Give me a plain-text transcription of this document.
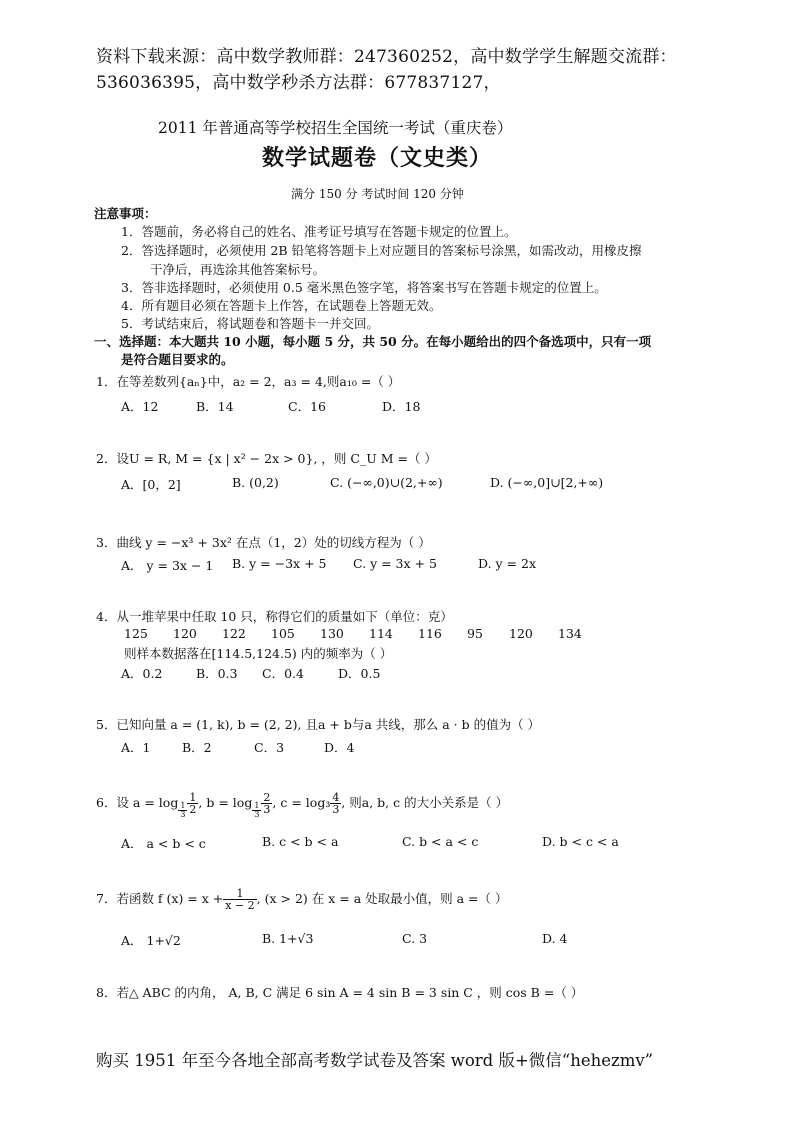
资料下载来源：高中数学教师群：247360252，高中数学学生解题交流群：
536036395，高中数学秒杀方法群：677837127，
2011 年普通高等学校招生全国统一考试（重庆卷）
数学试题卷（文史类）
满分 150 分 考试时间 120 分钟
注意事项：
1．答题前，务必将自己的姓名、准考证号填写在答题卡规定的位置上。
2．答选择题时，必须使用 2B 铅笔将答题卡上对应题目的答案标号涂黑，如需改动，用橡皮擦
干净后，再选涂其他答案标号。
3．答非选择题时，必须使用 0.5 毫米黑色签字笔，将答案书写在答题卡规定的位置上。
4．所有题目必须在答题卡上作答，在试题卷上答题无效。
5．考试结束后，将试题卷和答题卡一并交回。
一、选择题：本大题共 10 小题，每小题 5 分，共 50 分。在每小题给出的四个备选项中，只有一项
是符合题目要求的。
1．在等差数列{aₙ}中，a₂ = 2，a₃ = 4,则a₁₀ =（ ）
A．12	B．14	C．16	D．18
2．设U = R, M = {x | x² − 2x > 0}, ，则 C_U M =（ ）
A．[0，2]	B. (0,2)	C. (−∞,0)∪(2,+∞)	D. (−∞,0]∪[2,+∞)
3．曲线 y = −x³ + 3x² 在点（1，2）处的切线方程为（ ）
A． y = 3x − 1 B. y = −3x + 5 C. y = 3x + 5	D. y = 2x
4．从一堆苹果中任取 10 只，称得它们的质量如下（单位：克）
125 120 122 105 130 114 116 95 120 134
则样本数据落在[114.5,124.5) 内的频率为（ ）
A．0.2	B．0.3 C．0.4	D．0.5
5．已知向量 a = (1, k), b = (2, 2), 且a + b与a 共线，那么 a · b 的值为（ ）
A．1	B．2	C．3	D．4
6．设 $a = \log \frac{1}{3} \frac{1}{2}$ , $b = \log \frac{1}{3} \frac{2}{3}$ , $c = \log_3 \frac{4}{3}$ , 则a, b, c 的大小关系是（ ）
A． a < b < c	B. c < b < a	C. b < a < c	D. b < c < a
7．若函数 f $(x) = x + \frac{1}{x - 2}$ , (x > 2) 在 x = a 处取最小值，则 a =（ ）
A． 1+√2	B. 1+√3	C. 3	D. 4
8．若△ ABC 的内角， A, B, C 满足 6 sin A = 4 sin B = 3 sin C ，则 cos B =（ ）
购买 1951 年至今各地全部高考数学试卷及答案 word 版+微信“hehezmv”
